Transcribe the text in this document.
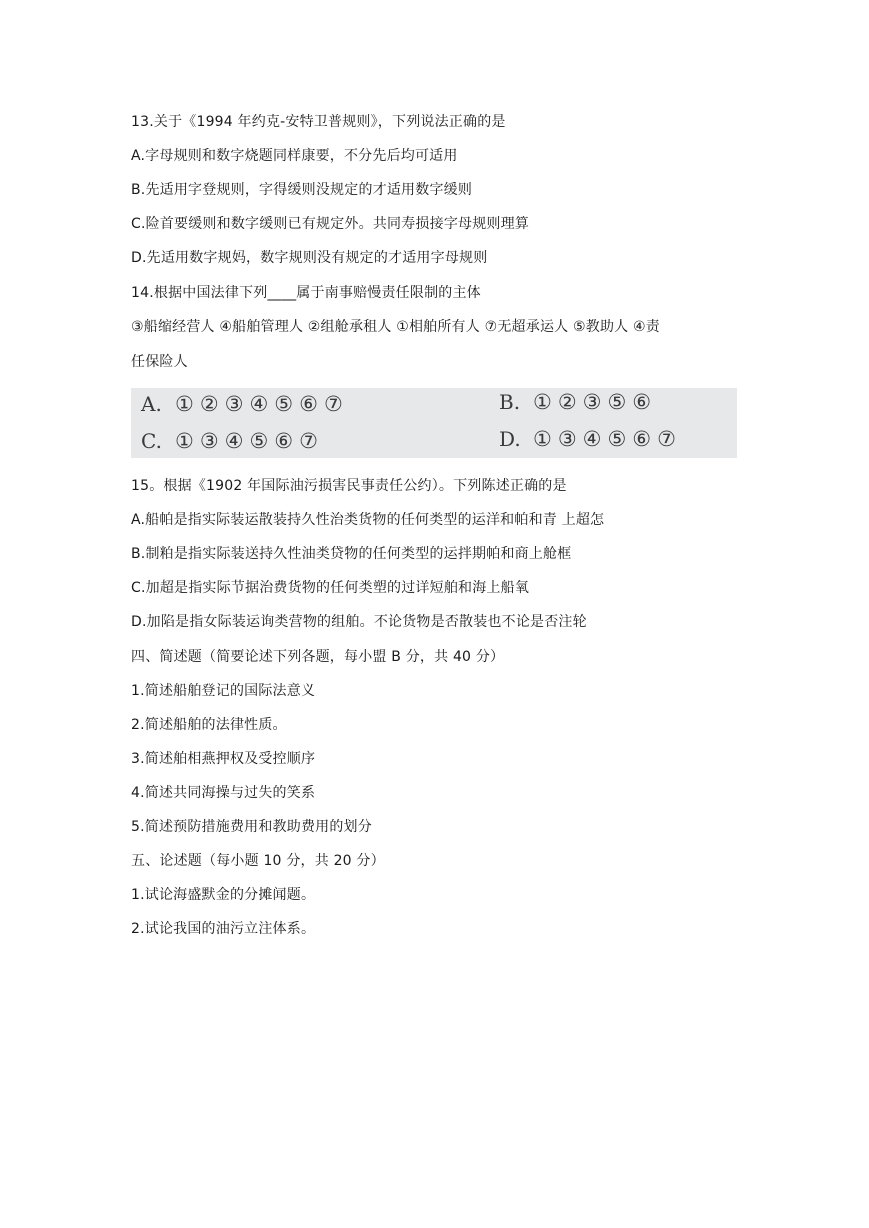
13.关于《1994 年约克-安特卫普规则》，下列说法正确的是
A.字母规则和数字烧题同样康要，不分先后均可适用
B.先适用字登规则，字得缓则没规定的才适用数字缓则
C.险首要缓则和数字缓则已有规定外。共同寿损接字母规则理算
D.先适用数字规妈，数字规则没有规定的才适用字母规则
14.根据中国法律下列____属于南事赔慢责任限制的主体
③船缩经营人 ④船舶管理人 ②组舱承租人 ①相舶所有人 ⑦无超承运人 ⑤教助人 ④责
任保险人
A. ①②③④⑤⑥⑦	B. ①②③⑤⑥
C. ①③④⑤⑥⑦	D. ①③④⑤⑥⑦
15。根据《1902 年国际油污损害民事责任公约）。下列陈述正确的是
A.船帕是指实际装运散装持久性治类货物的任何类型的运洋和帕和青 上超怎
B.制粕是指实际装送持久性油类贷物的任何类型的运拌期帕和商上舱框
C.加超是指实际节据治费货物的任何类塑的过详短舶和海上船氧
D.加陷是指女际装运询类营物的组舶。不论货物是否散装也不论是否注轮
四、简述题（简要论述下列各题，每小盟 B 分，共 40 分）
1.简述船舶登记的国际法意义
2.简述船舶的法律性质。
3.简述舶相燕押权及受控顺序
4.简述共同海操与过失的笑系
5.简述预防措施费用和教助费用的划分
五、论述题（每小题 10 分，共 20 分）
1.试论海盛默金的分摊闻题。
2.试论我国的油污立注体系。
